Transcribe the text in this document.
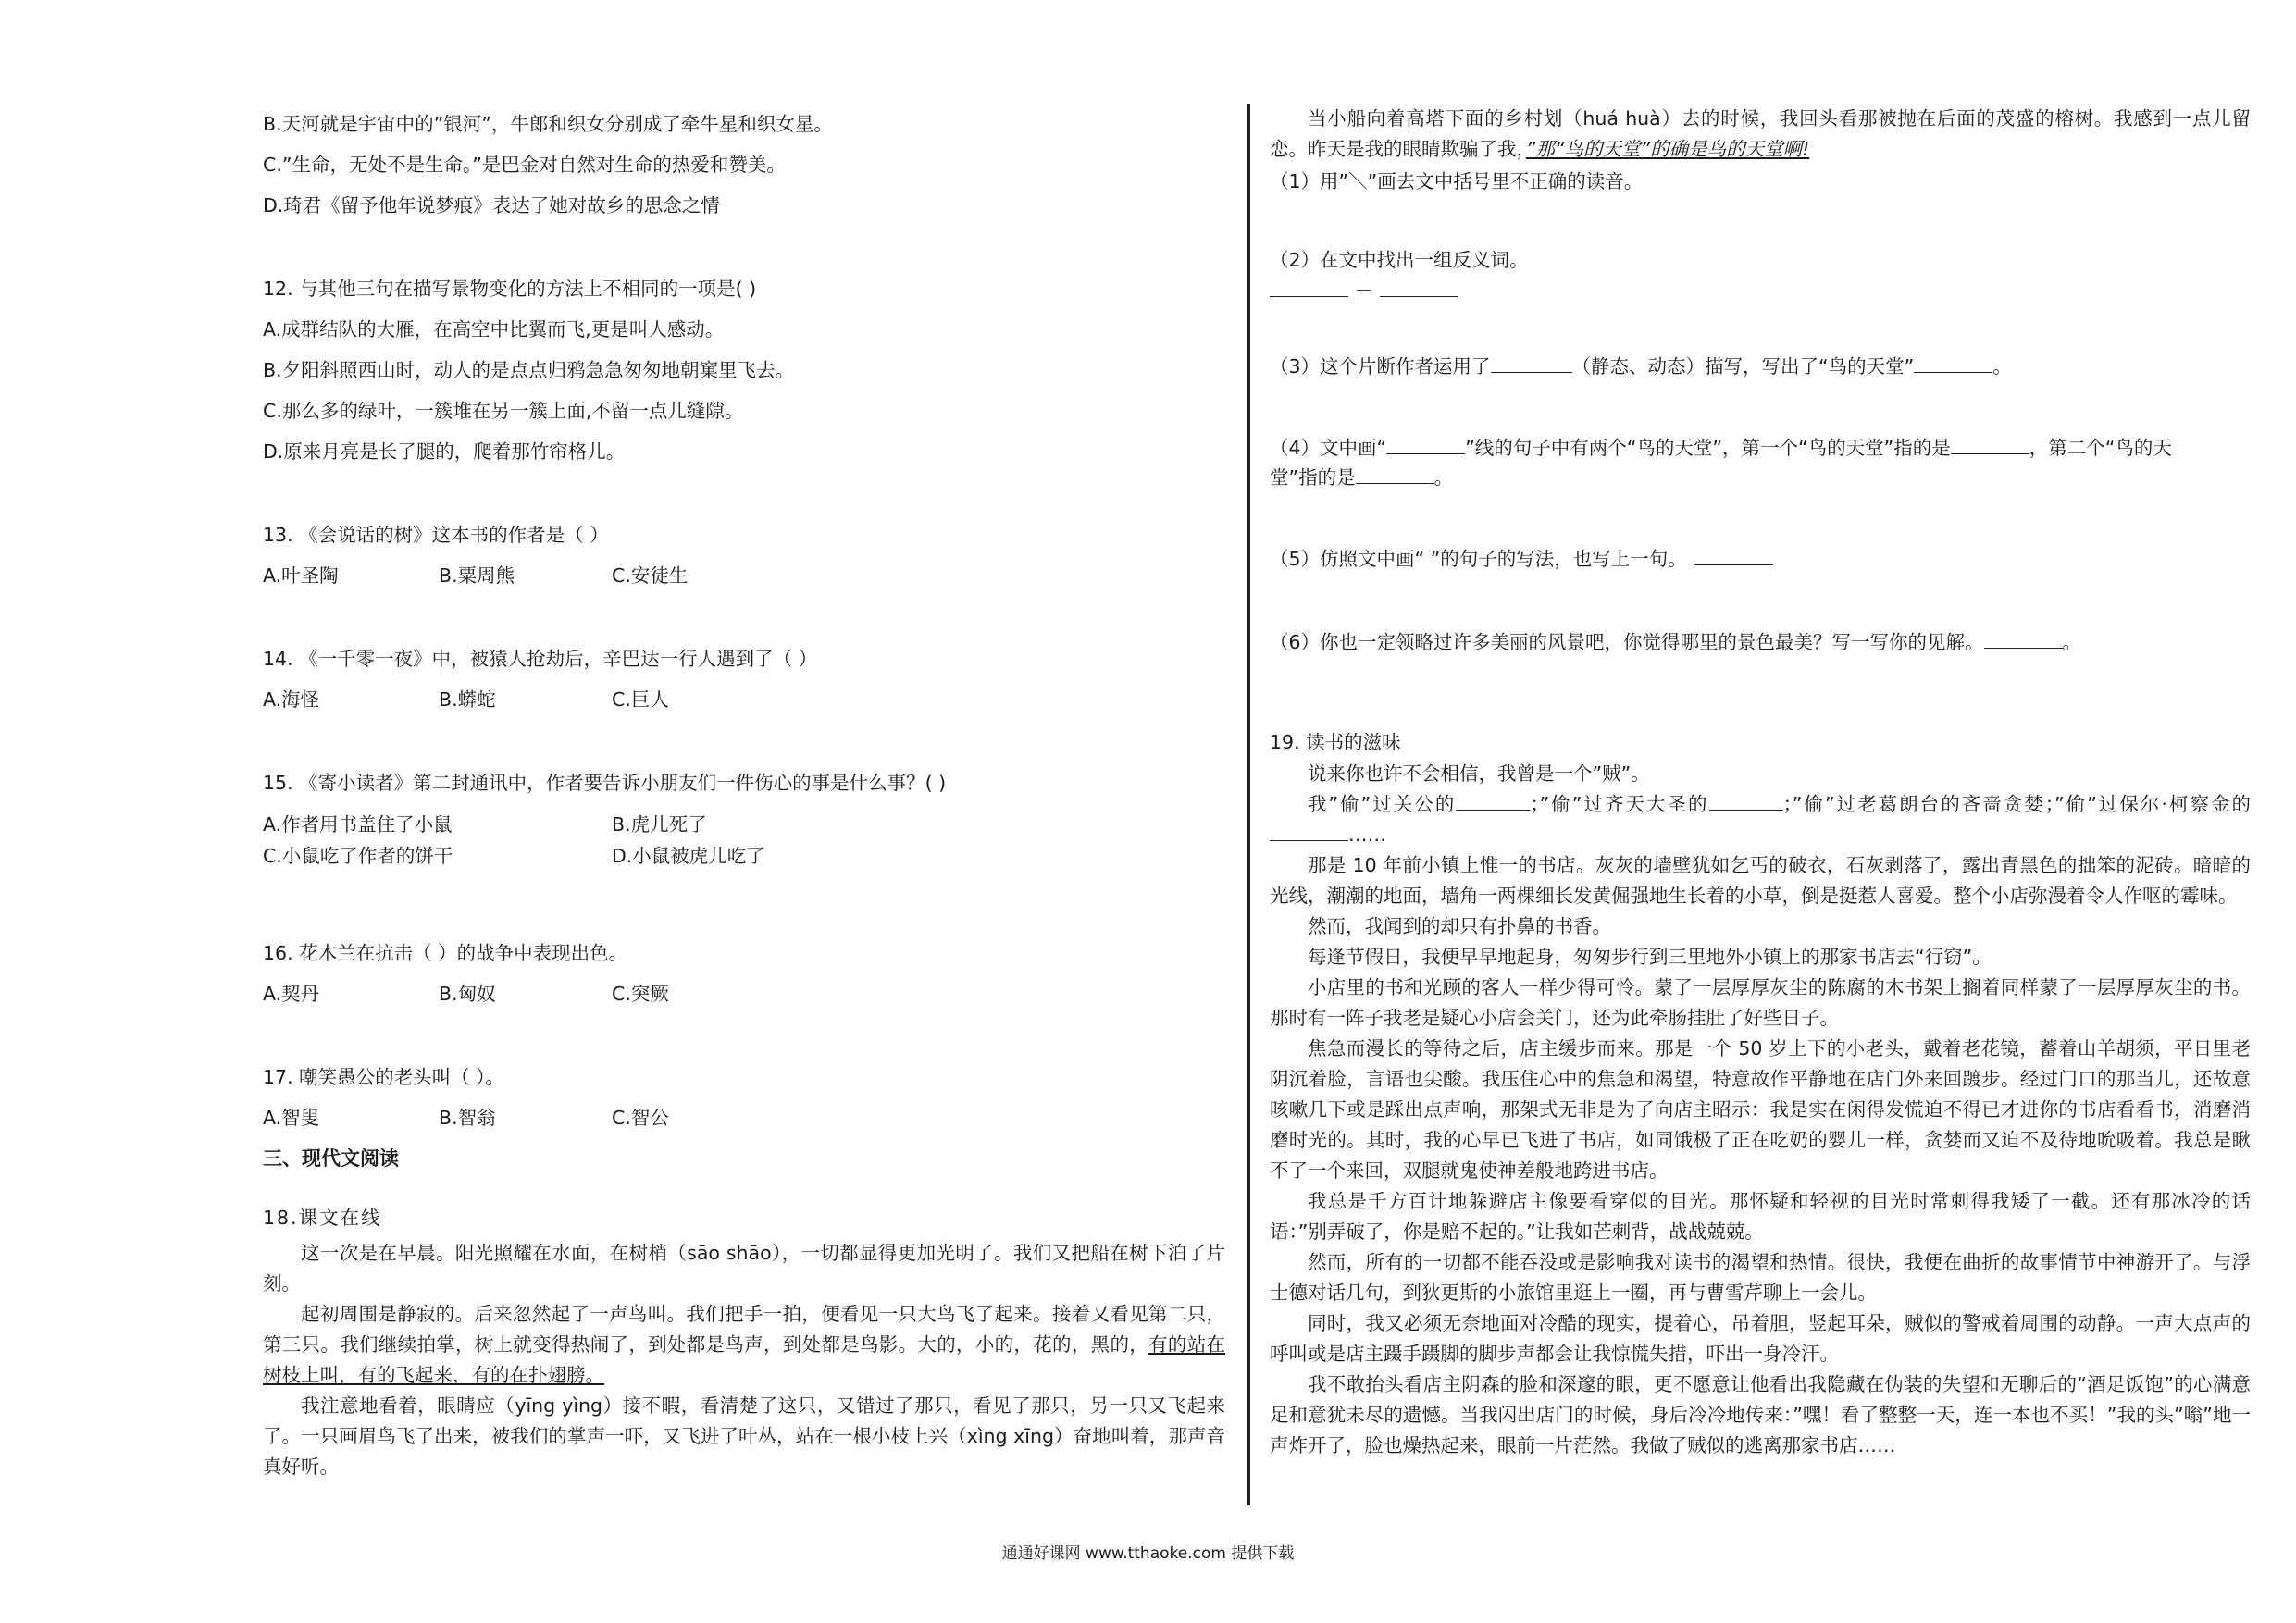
B.天河就是宇宙中的”银河”，牛郎和织女分别成了牵牛星和织女星。
C.”生命，无处不是生命。”是巴金对自然对生命的热爱和赞美。
D.琦君《留予他年说梦痕》表达了她对故乡的思念之情
12. 与其他三句在描写景物变化的方法上不相同的一项是( )
A.成群结队的大雁，在高空中比翼而飞,更是叫人感动。
B.夕阳斜照西山时，动人的是点点归鸦急急匆匆地朝窠里飞去。
C.那么多的绿叶，一簇堆在另一簇上面,不留一点儿缝隙。
D.原来月亮是长了腿的，爬着那竹帘格儿。
13. 《会说话的树》这本书的作者是（ ）
A.叶圣陶	B.粟周熊	C.安徒生
14. 《一千零一夜》中，被猿人抢劫后，辛巴达一行人遇到了（ ）
A.海怪	B.蟒蛇	C.巨人
15. 《寄小读者》第二封通讯中，作者要告诉小朋友们一件伤心的事是什么事？( )
A.作者用书盖住了小鼠	B.虎儿死了
C.小鼠吃了作者的饼干	D.小鼠被虎儿吃了
16. 花木兰在抗击（ ）的战争中表现出色。
A.契丹	B.匈奴	C.突厥
17. 嘲笑愚公的老头叫（ ）。
A.智叟	B.智翁	C.智公
三、现代文阅读
18.课文在线

这一次是在早晨。阳光照耀在水面，在树梢（sāo shāo），一切都显得更加光明了。我们又把船在树下泊了片刻。

起初周围是静寂的。后来忽然起了一声鸟叫。我们把手一拍，便看见一只大鸟飞了起来。接着又看见第二只，第三只。我们继续拍掌，树上就变得热闹了，到处都是鸟声，到处都是鸟影。大的，小的，花的，黑的，有的站在树枝上叫，有的飞起来，有的在扑翅膀。

我注意地看着，眼睛应（yīng yìng）接不暇，看清楚了这只，又错过了那只，看见了那只，另一只又飞起来了。一只画眉鸟飞了出来，被我们的掌声一吓，又飞进了叶丛，站在一根小枝上兴（xìng xīng）奋地叫着，那声音真好听。

当小船向着高塔下面的乡村划（huá huà）去的时候，我回头看那被抛在后面的茂盛的榕树。我感到一点儿留恋。昨天是我的眼睛欺骗了我，”那“鸟的天堂”的确是鸟的天堂啊!

（1）用”＼”画去文中括号里不正确的读音。
（2）在文中找出一组反义词。
－
（3）这个片断作者运用了	（静态、动态）描写，写出了“鸟的天堂”	。
（4）文中画“	”线的句子中有两个“鸟的天堂”，第一个“鸟的天堂”指的是	，第二个“鸟的天
堂”指的是	。
（5）仿照文中画“ ”的句子的写法，也写上一句。
（6）你也一定领略过许多美丽的风景吧，你觉得哪里的景色最美？写一写你的见解。	。
19. 读书的滋味

说来你也许不会相信，我曾是一个”贼”。

我”偷”过关公的	；”偷”过齐天大圣的	；”偷”过老葛朗台的吝啬贪婪；”偷”过保尔·柯察金的……

那是 10 年前小镇上惟一的书店。灰灰的墙壁犹如乞丐的破衣，石灰剥落了，露出青黑色的拙笨的泥砖。暗暗的光线，潮潮的地面，墙角一两棵细长发黄倔强地生长着的小草，倒是挺惹人喜爱。整个小店弥漫着令人作呕的霉味。

然而，我闻到的却只有扑鼻的书香。

每逢节假日，我便早早地起身，匆匆步行到三里地外小镇上的那家书店去“行窃”。

小店里的书和光顾的客人一样少得可怜。蒙了一层厚厚灰尘的陈腐的木书架上搁着同样蒙了一层厚厚灰尘的书。那时有一阵子我老是疑心小店会关门，还为此牵肠挂肚了好些日子。

焦急而漫长的等待之后，店主缓步而来。那是一个 50 岁上下的小老头，戴着老花镜，蓄着山羊胡须，平日里老阴沉着脸，言语也尖酸。我压住心中的焦急和渴望，特意故作平静地在店门外来回踱步。经过门口的那当儿，还故意咳嗽几下或是踩出点声响，那架式无非是为了向店主昭示：我是实在闲得发慌迫不得已才进你的书店看看书，消磨消磨时光的。其时，我的心早已飞进了书店，如同饿极了正在吃奶的婴儿一样，贪婪而又迫不及待地吮吸着。我总是瞅不了一个来回，双腿就鬼使神差般地跨进书店。

我总是千方百计地躲避店主像要看穿似的目光。那怀疑和轻视的目光时常刺得我矮了一截。还有那冰冷的话语：”别弄破了，你是赔不起的。”让我如芒刺背，战战兢兢。

然而，所有的一切都不能吞没或是影响我对读书的渴望和热情。很快，我便在曲折的故事情节中神游开了。与浮士德对话几句，到狄更斯的小旅馆里逛上一圈，再与曹雪芹聊上一会儿。

同时，我又必须无奈地面对冷酷的现实，提着心，吊着胆，竖起耳朵，贼似的警戒着周围的动静。一声大点声的呼叫或是店主蹑手蹑脚的脚步声都会让我惊慌失措，吓出一身冷汗。

我不敢抬头看店主阴森的脸和深邃的眼，更不愿意让他看出我隐藏在伪装的失望和无聊后的“酒足饭饱”的心满意足和意犹未尽的遗憾。当我闪出店门的时候，身后冷冷地传来：”嘿！看了整整一天，连一本也不买！”我的头”嗡”地一声炸开了，脸也燥热起来，眼前一片茫然。我做了贼似的逃离那家书店……

通通好课网 www.tthaoke.com 提供下载
